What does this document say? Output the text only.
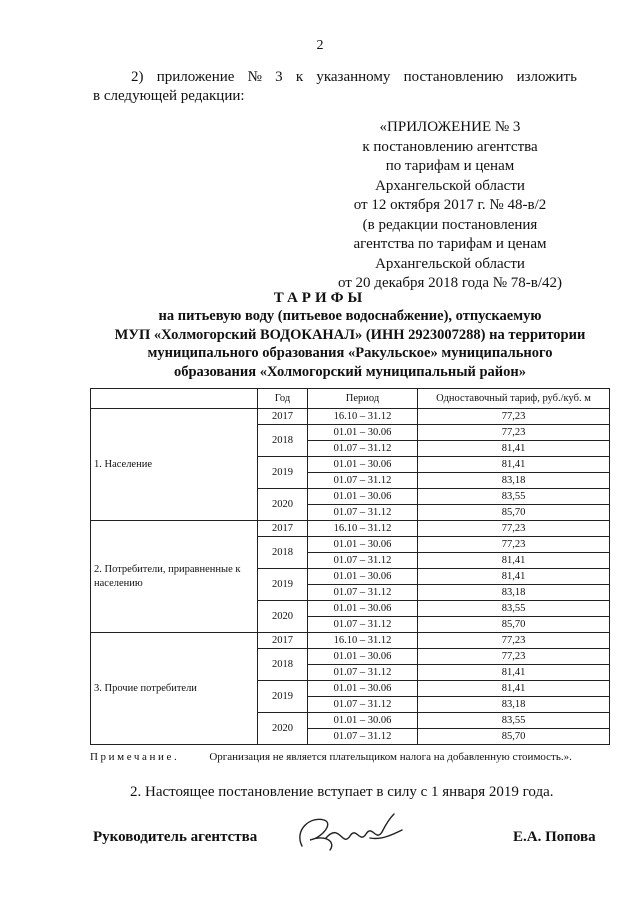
2
2) приложение № 3 к указанному постановлению изложить
в следующей редакции:
«ПРИЛОЖЕНИЕ № 3
к постановлению агентства
по тарифам и ценам
Архангельской области
от 12 октября 2017 г. № 48-в/2
(в редакции постановления
агентства по тарифам и ценам
Архангельской области
от 20 декабря 2018 года № 78-в/42)
ТАРИФЫ
на питьевую воду (питьевое водоснабжение), отпускаемую
МУП «Холмогорский ВОДОКАНАЛ» (ИНН 2923007288) на территории
муниципального образования «Ракульское» муниципального
образования «Холмогорский муниципальный район»
	Год	Период	Одноставочный тариф, руб./куб. м
1. Население	2017	16.10 – 31.12	77,23
	2018	01.01 – 30.06	77,23
		01.07 – 31.12	81,41
	2019	01.01 – 30.06	81,41
		01.07 – 31.12	83,18
	2020	01.01 – 30.06	83,55
		01.07 – 31.12	85,70
2. Потребители, приравненные к населению	2017	16.10 – 31.12	77,23
	2018	01.01 – 30.06	77,23
		01.07 – 31.12	81,41
	2019	01.01 – 30.06	81,41
		01.07 – 31.12	83,18
	2020	01.01 – 30.06	83,55
		01.07 – 31.12	85,70
3. Прочие потребители	2017	16.10 – 31.12	77,23
	2018	01.01 – 30.06	77,23
		01.07 – 31.12	81,41
	2019	01.01 – 30.06	81,41
		01.07 – 31.12	83,18
	2020	01.01 – 30.06	83,55
		01.07 – 31.12	85,70
Примечание.	Организация не является плательщиком налога на добавленную стоимость.».
2. Настоящее постановление вступает в силу с 1 января 2019 года.
Руководитель агентства	Е.А. Попова
